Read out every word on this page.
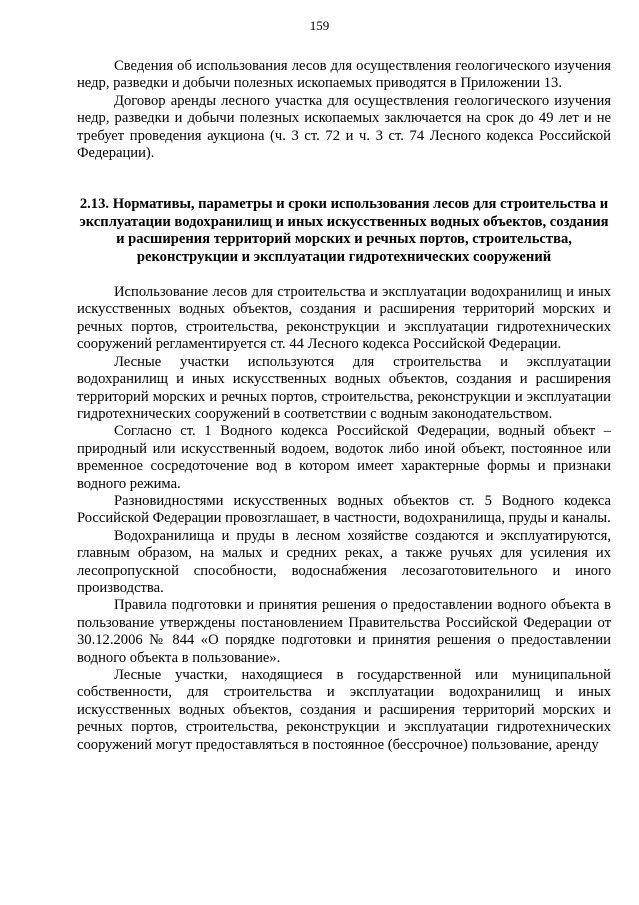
159

Сведения об использования лесов для осуществления геологического изучения недр, разведки и добычи полезных ископаемых приводятся в Приложении 13.

Договор аренды лесного участка для осуществления геологического изучения недр, разведки и добычи полезных ископаемых заключается на срок до 49 лет и не требует проведения аукциона (ч. 3 ст. 72 и ч. 3 ст. 74 Лесного кодекса Российской Федерации).

2.13. Нормативы, параметры и сроки использования лесов для строительства и эксплуатации водохранилищ и иных искусственных водных объектов, создания и расширения территорий морских и речных портов, строительства, реконструкции и эксплуатации гидротехнических сооружений

Использование лесов для строительства и эксплуатации водохранилищ и иных искусственных водных объектов, создания и расширения территорий морских и речных портов, строительства, реконструкции и эксплуатации гидротехнических сооружений регламентируется ст. 44 Лесного кодекса Российской Федерации.

Лесные участки используются для строительства и эксплуатации водохранилищ и иных искусственных водных объектов, создания и расширения территорий морских и речных портов, строительства, реконструкции и эксплуатации гидротехнических сооружений в соответствии с водным законодательством.

Согласно ст. 1 Водного кодекса Российской Федерации, водный объект – природный или искусственный водоем, водоток либо иной объект, постоянное или временное сосредоточение вод в котором имеет характерные формы и признаки водного режима.

Разновидностями искусственных водных объектов ст. 5 Водного кодекса Российской Федерации провозглашает, в частности, водохранилища, пруды и каналы.

Водохранилища и пруды в лесном хозяйстве создаются и эксплуатируются, главным образом, на малых и средних реках, а также ручьях для усиления их лесопропускной способности, водоснабжения лесозаготовительного и иного производства.

Правила подготовки и принятия решения о предоставлении водного объекта в пользование утверждены постановлением Правительства Российской Федерации от 30.12.2006 № 844 «О порядке подготовки и принятия решения о предоставлении водного объекта в пользование».

Лесные участки, находящиеся в государственной или муниципальной собственности, для строительства и эксплуатации водохранилищ и иных искусственных водных объектов, создания и расширения территорий морских и речных портов, строительства, реконструкции и эксплуатации гидротехнических сооружений могут предоставляться в постоянное (бессрочное) пользование, аренду
